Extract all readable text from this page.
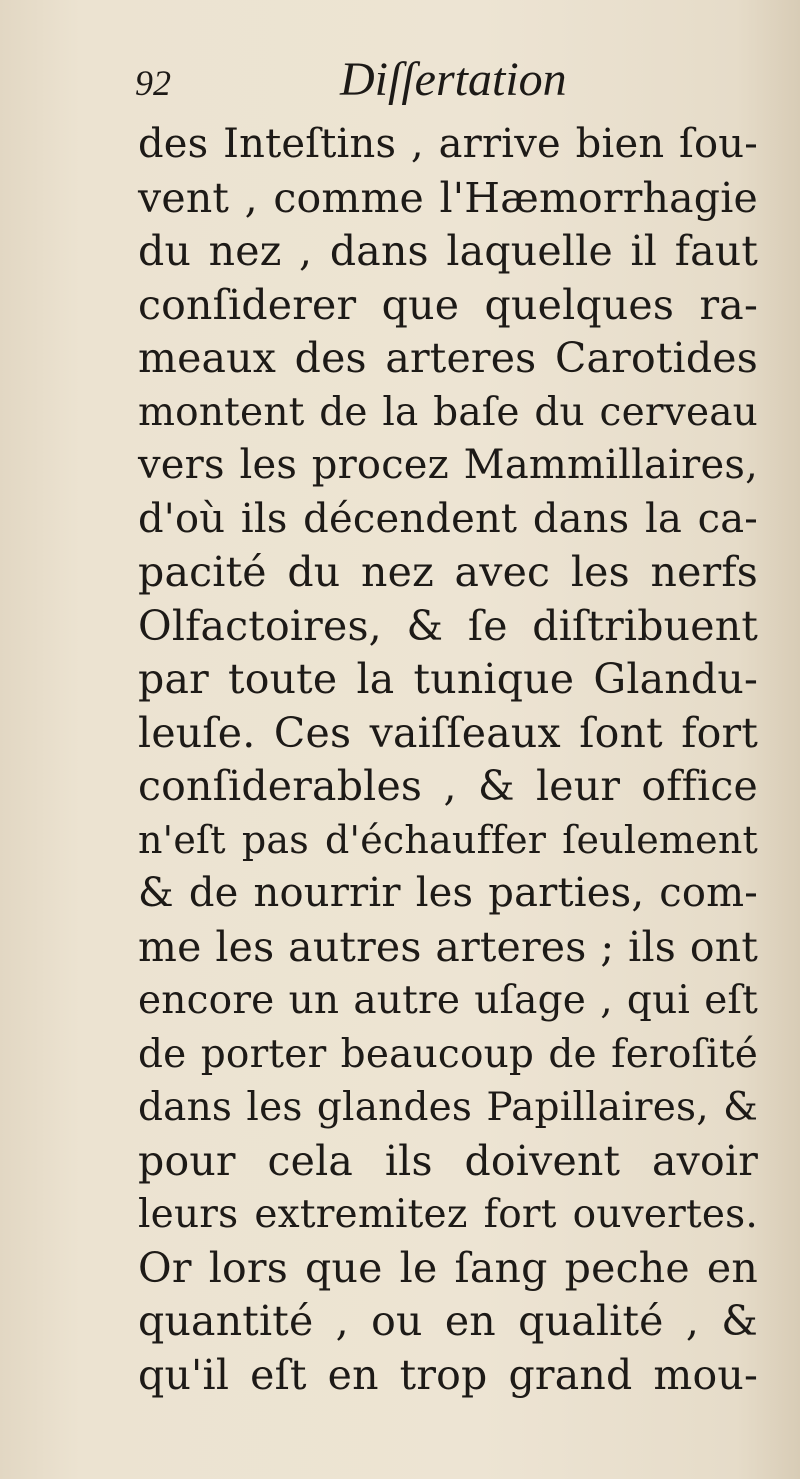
92	Diſſertation
des Inteſtins , arrive bien ſou-
vent , comme l'Hæmorrhagie
du nez , dans laquelle il faut
conſiderer que quelques ra-
meaux des arteres Carotides
montent de la baſe du cerveau
vers les procez Mammillaires,
d'où ils décendent dans la ca-
pacité du nez avec les nerfs
Olfactoires, & ſe diſtribuent
par toute la tunique Glandu-
leuſe. Ces vaiſſeaux ſont fort
conſiderables , & leur office
n'eſt pas d'échauffer ſeulement
& de nourrir les parties, com-
me les autres arteres ; ils ont
encore un autre uſage , qui eſt
de porter beaucoup de feroſité
dans les glandes Papillaires, &
pour cela ils doivent avoir
leurs extremitez fort ouvertes.
Or lors que le ſang peche en
quantité , ou en qualité , &
qu'il eſt en trop grand mou-
